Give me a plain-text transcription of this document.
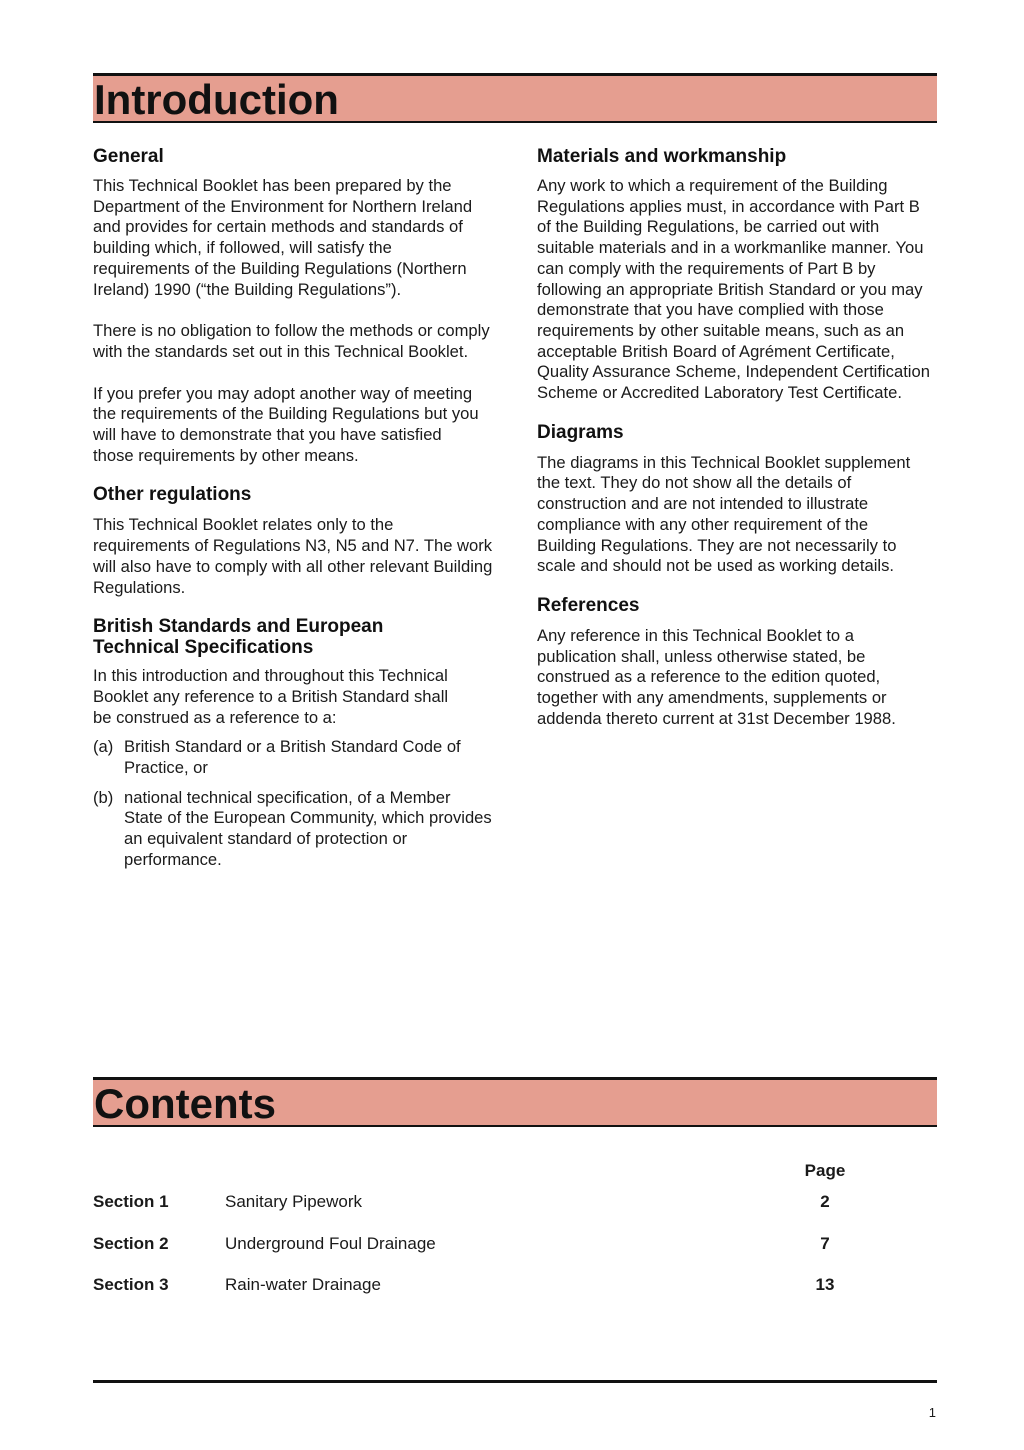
Introduction
General

This Technical Booklet has been prepared by the Department of the Environment for Northern Ireland and provides for certain methods and standards of building which, if followed, will satisfy the requirements of the Building Regulations (Northern Ireland) 1990 (“the Building Regulations”).

There is no obligation to follow the methods or comply with the standards set out in this Technical Booklet.

If you prefer you may adopt another way of meeting the requirements of the Building Regulations but you will have to demonstrate that you have satisfied those requirements by other means.

Other regulations

This Technical Booklet relates only to the requirements of Regulations N3, N5 and N7. The work will also have to comply with all other relevant Building Regulations.

British Standards and European
Technical Specifications

In this introduction and throughout this Technical Booklet any reference to a British Standard shall be construed as a reference to a:

(a) British Standard or a British Standard Code of Practice, or
(b) national technical specification, of a Member State of the European Community, which provides an equivalent standard of protection or performance.
Materials and workmanship

Any work to which a requirement of the Building Regulations applies must, in accordance with Part B of the Building Regulations, be carried out with suitable materials and in a workmanlike manner. You can comply with the requirements of Part B by following an appropriate British Standard or you may demonstrate that you have complied with those requirements by other suitable means, such as an acceptable British Board of Agrément Certificate, Quality Assurance Scheme, Independent Certification Scheme or Accredited Laboratory Test Certificate.

Diagrams

The diagrams in this Technical Booklet supplement the text. They do not show all the details of construction and are not intended to illustrate compliance with any other requirement of the Building Regulations. They are not necessarily to scale and should not be used as working details.

References

Any reference in this Technical Booklet to a publication shall, unless otherwise stated, be construed as a reference to the edition quoted, together with any amendments, supplements or addenda thereto current at 31st December 1988.

Contents
Page
Section 1	Sanitary Pipework	2
Section 2	Underground Foul Drainage	7
Section 3	Rain-water Drainage	13
1
